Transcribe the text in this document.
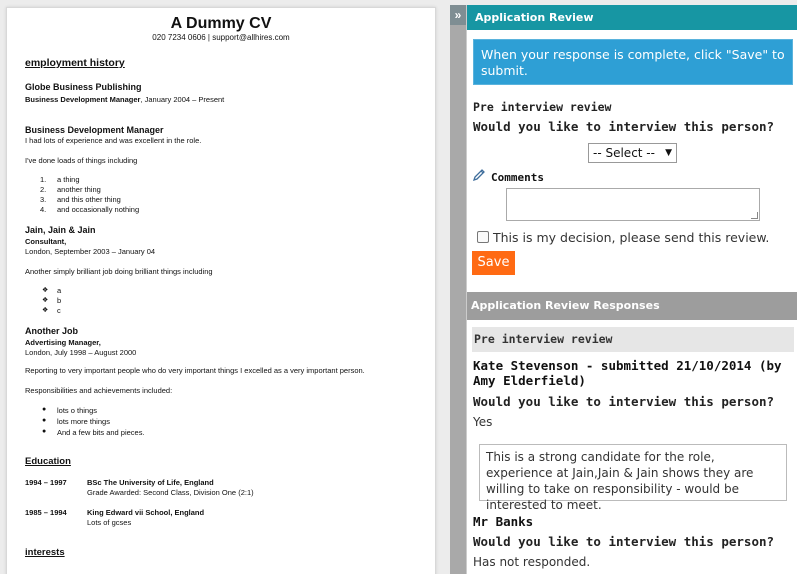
A Dummy CV
020 7234 0606 | support@allhires.com
employment history
Globe Business Publishing
Business Development Manager, January 2004 – Present
Business Development Manager
I had lots of experience and was excellent in the role.
I've done loads of things including
1. a thing
2. another thing
3. and this other thing
4. and occasionally nothing
Jain, Jain & Jain
Consultant,
London, September 2003 – January 04
Another simply brilliant job doing brilliant things including
❖ a
❖ b
❖ c
Another Job
Advertising Manager,
London, July 1998 – August 2000
Reporting to very important people who do very important things I excelled as a very important person.
Responsibilities and achievements included:
● lots o things
● lots more things
● And a few bits and pieces.
Education
1994 – 1997	BSc The University of Life, England
Grade Awarded: Second Class, Division One (2:1)
1985 – 1994	King Edward vii School, England
Lots of gcses
interests
»	Application Review
When your response is complete, click "Save" to submit.
Pre interview review
Would you like to interview this person?
-- Select -- ▼
Comments
This is my decision, please send this review.
Save
Application Review Responses
Pre interview review
Kate Stevenson - submitted 21/10/2014 (by Amy Elderfield)
Would you like to interview this person?
Yes
This is a strong candidate for the role, experience at Jain,Jain & Jain shows they are willing to take on responsibility - would be interested to meet.
Mr Banks
Would you like to interview this person?
Has not responded.
